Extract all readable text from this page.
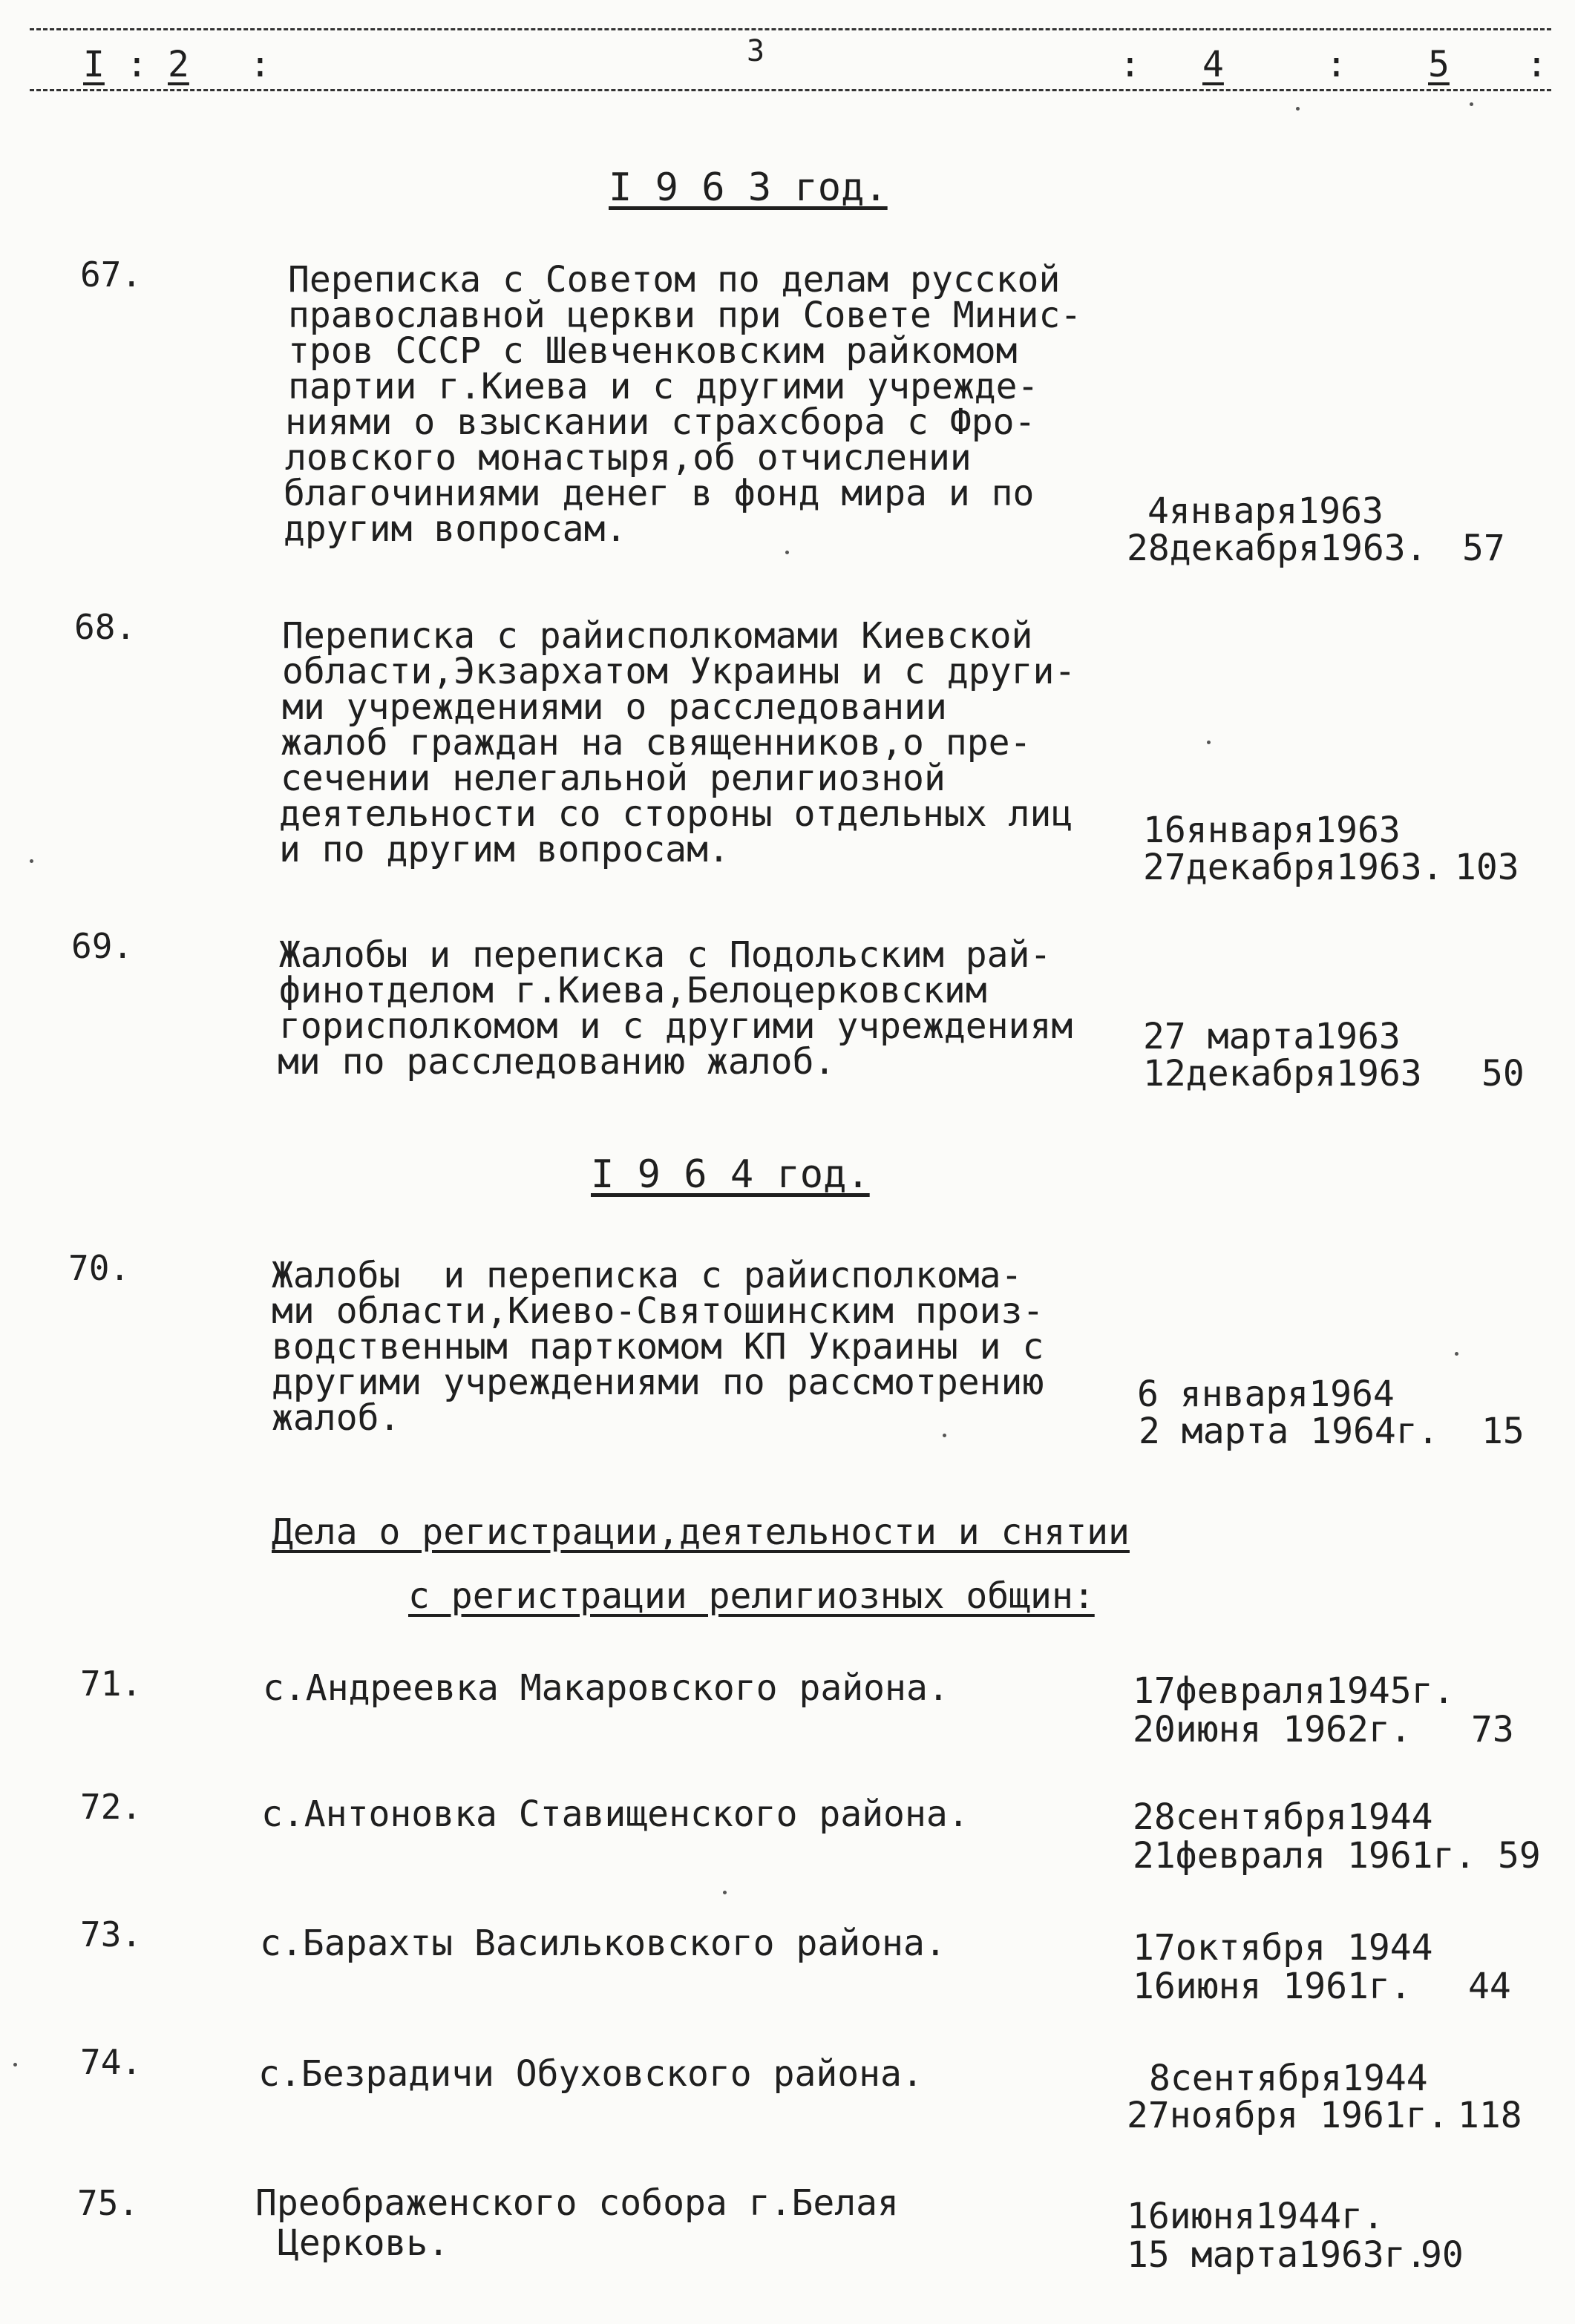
I : 2 :	3	: 4	: 5 :
I 9 6 3 год.
67.	Переписка с Советом по делам русской
православной церкви при Совете Минис-
тров СССР с Шевченковским райкомом
партии г.Киева и с другими учрежде-
ниями о взыскании страхсбора с Фро-
ловского монастыря,об отчислении
благочиниями денег в фонд мира и по
другим вопросам.	4января1963
28декабря1963. 57
68.	Переписка с райисполкомами Киевской
области,Экзархатом Украины и с други-
ми учреждениями о расследовании
жалоб граждан на священников,о пре-
сечении нелегальной религиозной
деятельности со стороны отдельных лиц
и по другим вопросам.	16января1963
27декабря1963. 103
69.	Жалобы и переписка с Подольским рай-
финотделом г.Киева,Белоцерковским
горисполкомом и с другими учреждениям
ми по расследованию жалоб.
27 марта1963
12декабря1963 50
I 9 6 4 год.
70.	Жалобы  и переписка с райисполкома-
ми области,Киево-Святошинским произ-
водственным парткомом КП Украины и с
другими учреждениями по рассмотрению
жалоб.
6 января1964
2 марта 1964г. 15
Дела о регистрации,деятельности и снятии
с регистрации религиозных общин:
71.	с.Андреевка Макаровского района.	17февраля1945г.
20июня 1962г. 73
72.	с.Антоновка Ставищенского района.	28сентября1944
21февраля 1961г. 59
73.	с.Барахты Васильковского района.	17октября 1944
16июня 1961г. 44
74.	с.Безрадичи Обуховского района.	8сентября1944
27ноября 1961г. 118
75.	Преображенского собора г.Белая
Церковь.
16июня1944г.
15 марта1963г.
90
